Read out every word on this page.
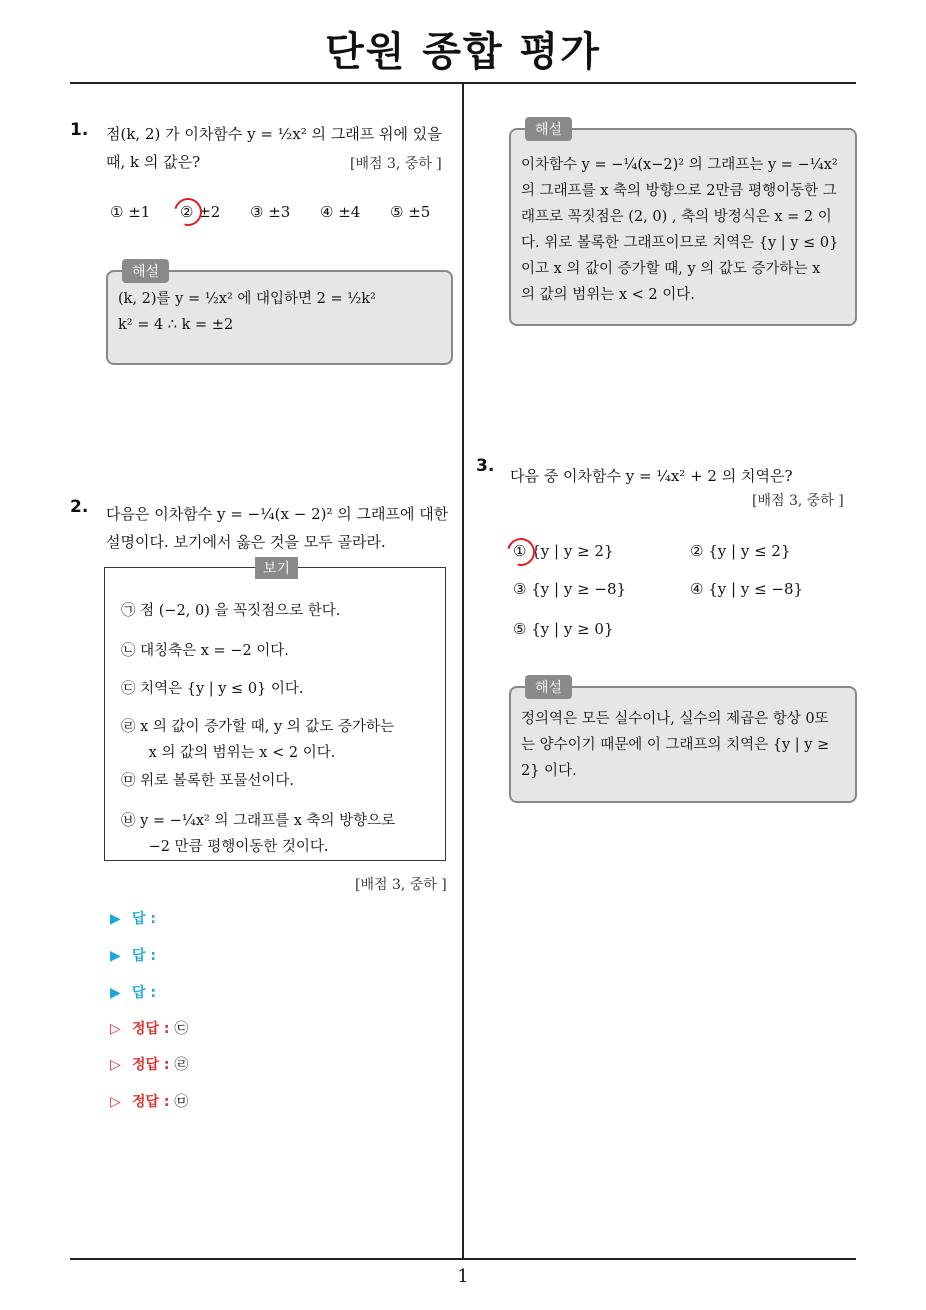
단원 종합 평가
1
1. 점(k, 2) 가 이차함수 y = ½x² 의 그래프 위에 있을
때, k 의 값은?	[배점 3, 중하 ]
① ±1 ② ±2 ③ ±3 ④ ±4 ⑤ ±5
해설
(k, 2)를 y = ½x² 에 대입하면 2 = ½k²
k² = 4 ∴ k = ±2
2. 다음은 이차함수 y = −¼(x − 2)² 의 그래프에 대한
설명이다. 보기에서 옳은 것을 모두 골라라.
보기
㉠ 점 (−2, 0) 을 꼭짓점으로 한다.
㉡ 대칭축은 x = −2 이다.
㉢ 치역은 {y | y ≤ 0} 이다.
㉣ x 의 값이 증가할 때, y 의 값도 증가하는
x 의 값의 범위는 x < 2 이다.
㉤ 위로 볼록한 포물선이다.
㉥ y = −¼x² 의 그래프를 x 축의 방향으로
−2 만큼 평행이동한 것이다.
[배점 3, 중하 ]
▶ 답 :
▶ 답 :
▶ 답 :
▷ 정답 : ㉢
▷ 정답 : ㉣
▷ 정답 : ㉤
해설
이차함수 y = −¼(x−2)² 의 그래프는 y = −¼x²
의 그래프를 x 축의 방향으로 2만큼 평행이동한 그
래프로 꼭짓점은 (2, 0) , 축의 방정식은 x = 2 이
다. 위로 볼록한 그래프이므로 치역은 {y | y ≤ 0}
이고 x 의 값이 증가할 때, y 의 값도 증가하는 x
의 값의 범위는 x < 2 이다.
3. 다음 중 이차함수 y = ¼x² + 2 의 치역은?
[배점 3, 중하 ]
① {y | y ≥ 2}	② {y | y ≤ 2}
③ {y | y ≥ −8}	④ {y | y ≤ −8}
⑤ {y | y ≥ 0}
해설
정의역은 모든 실수이나, 실수의 제곱은 항상 0또
는 양수이기 때문에 이 그래프의 치역은 {y | y ≥
2} 이다.
